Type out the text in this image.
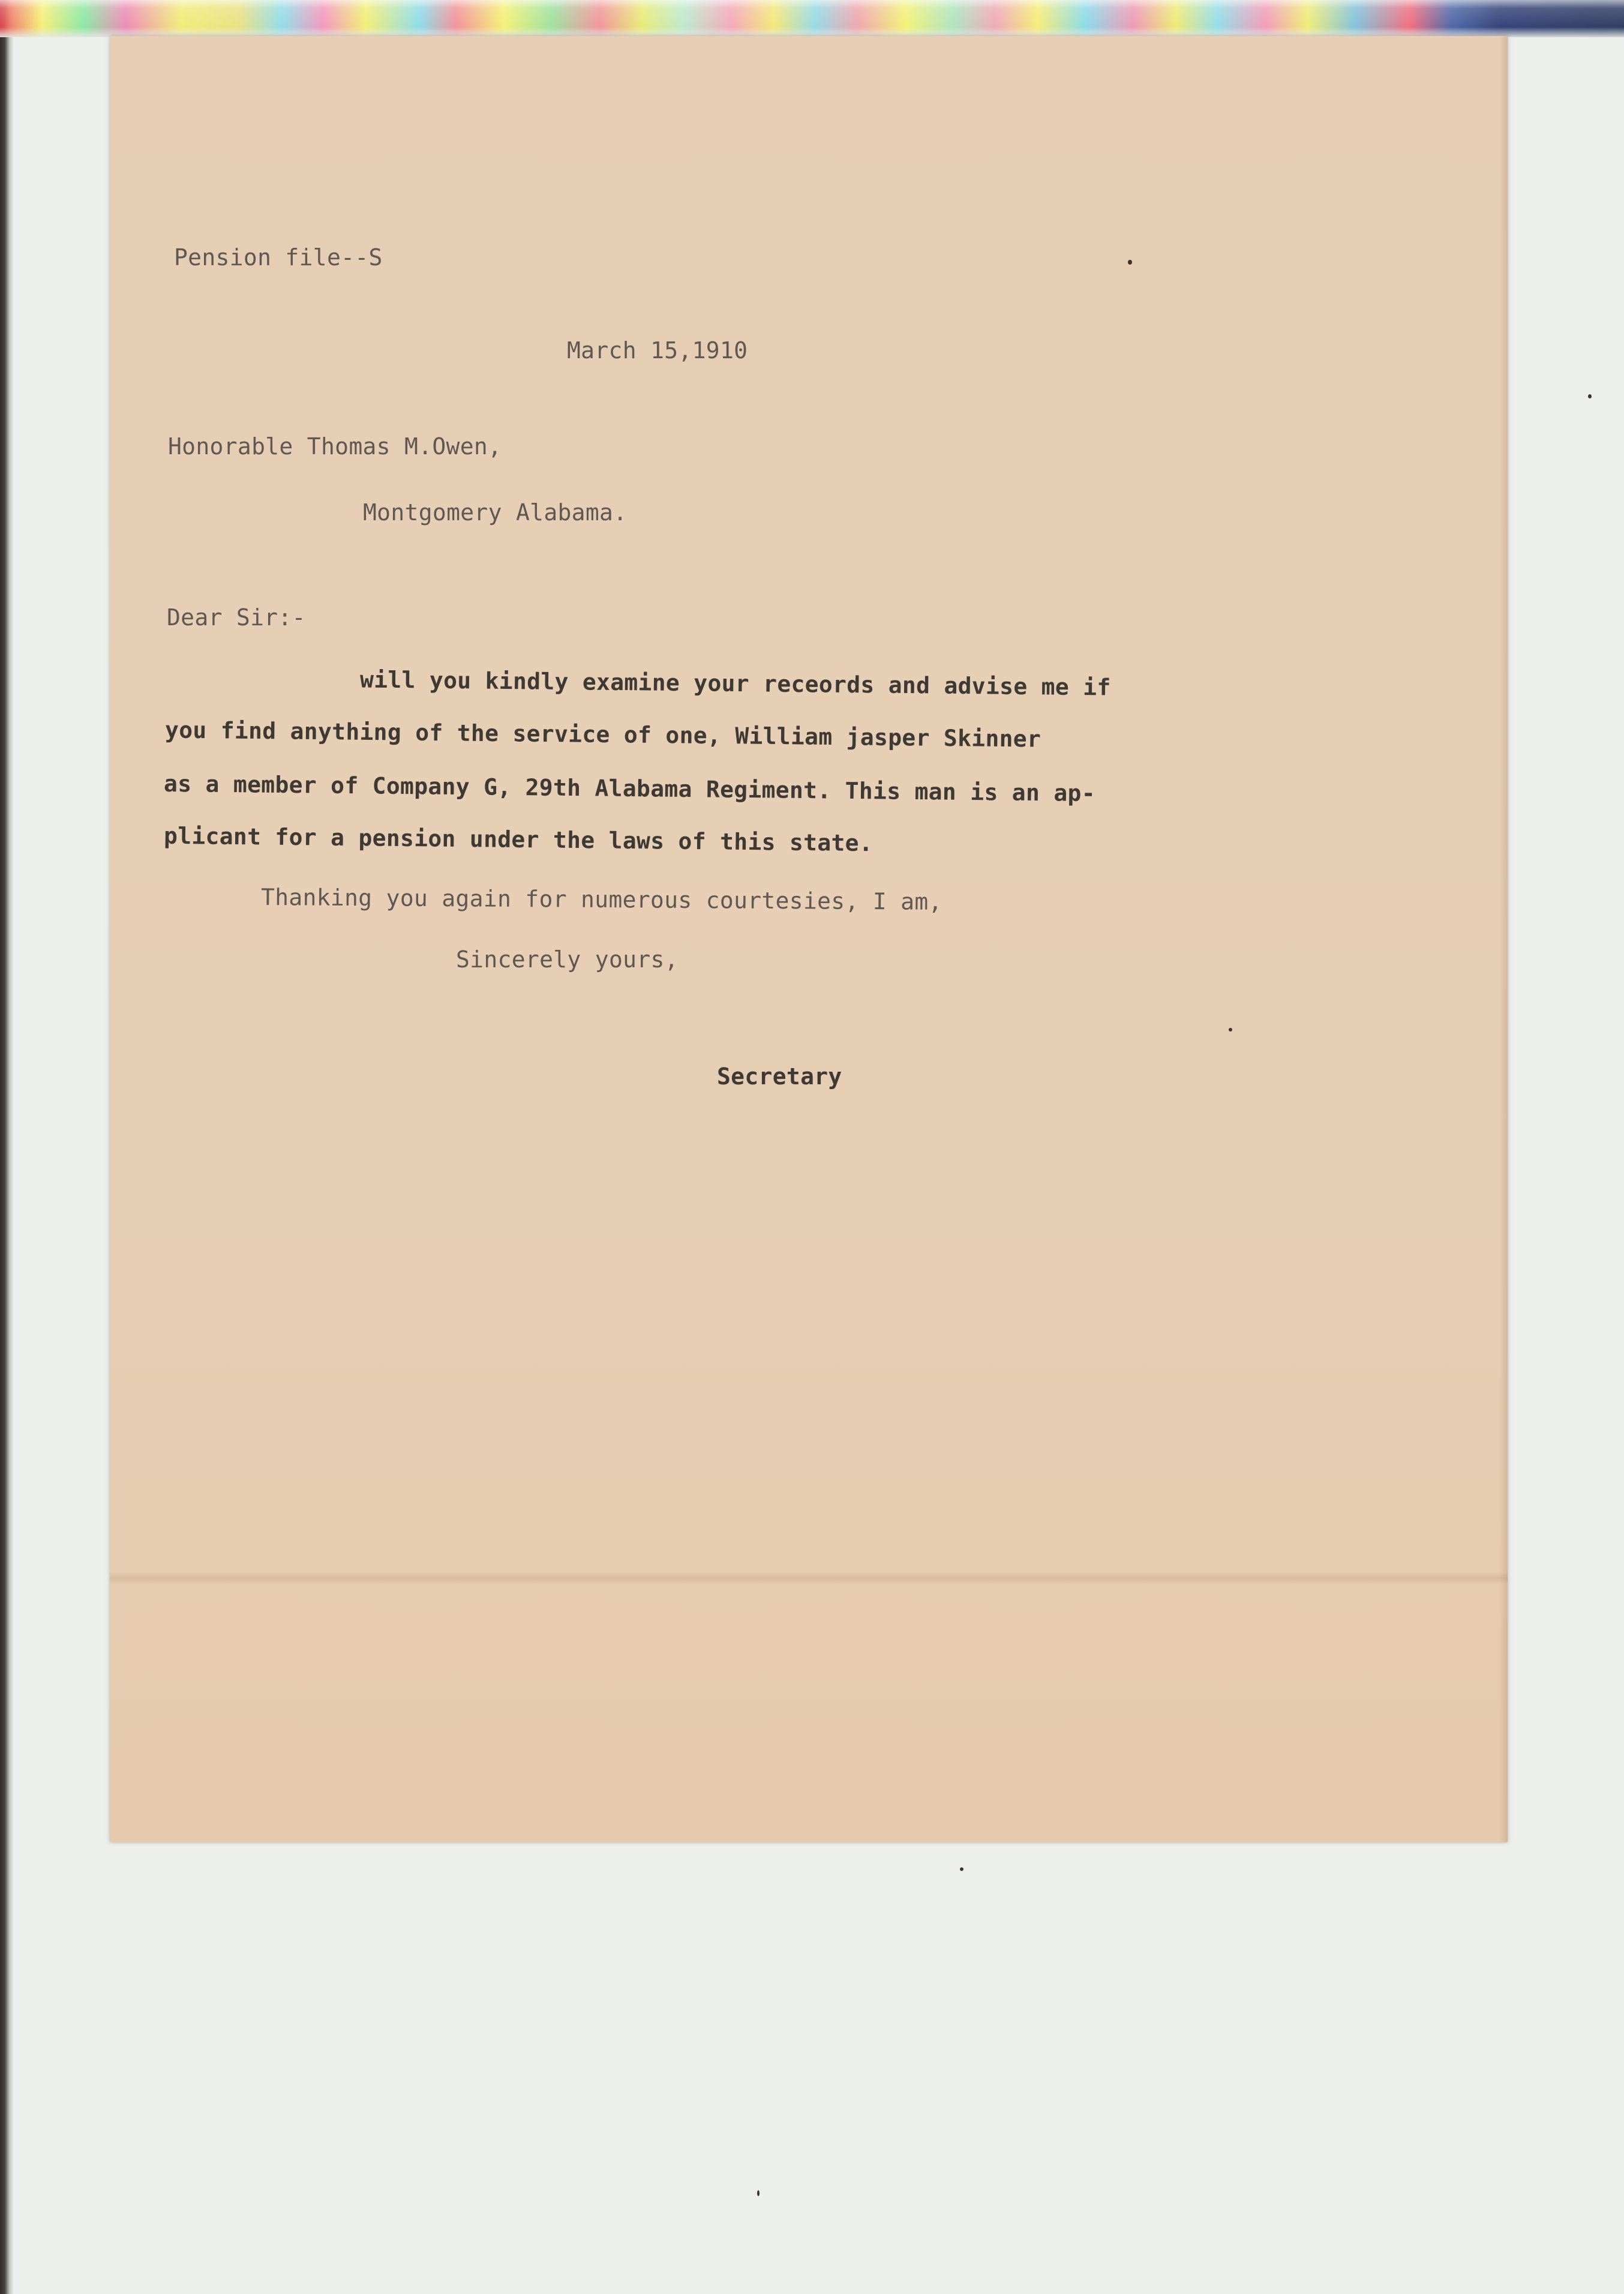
Pension file--S

March 15,1910

Honorable Thomas M.Owen,

Montgomery Alabama.

Dear Sir:-

will you kindly examine your receords and advise me if

you find anything of the service of one, William jasper Skinner

as a member of Company G, 29th Alabama Regiment. This man is an ap-

plicant for a pension under the laws of this state.

Thanking you again for numerous courtesies, I am,

Sincerely yours,

Secretary
